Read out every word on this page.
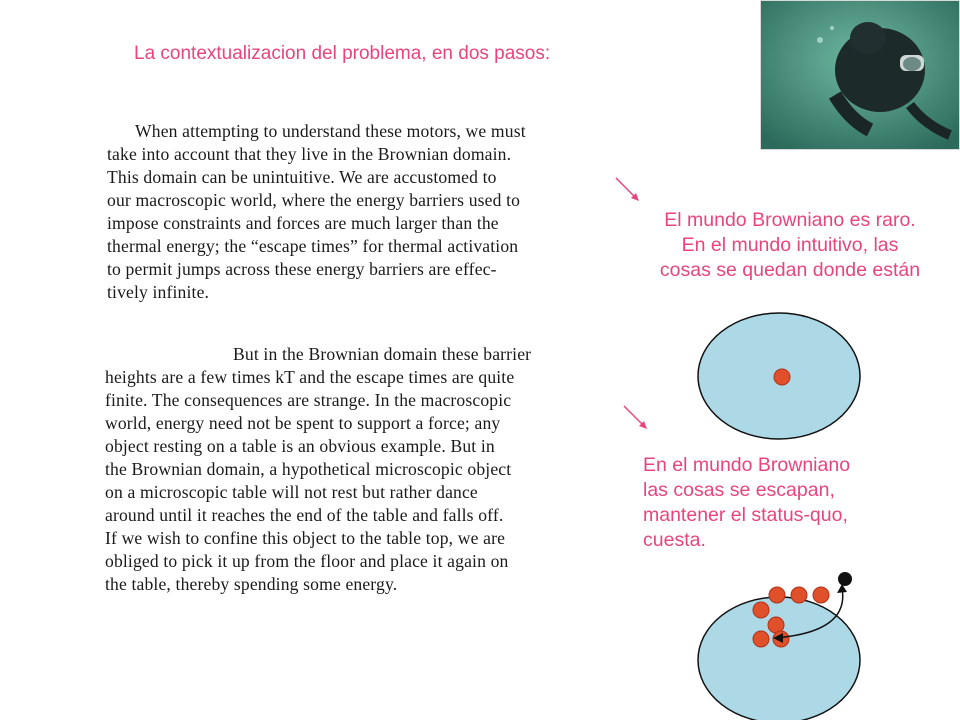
La contextualizacion del problema, en dos pasos:
When attempting to understand these motors, we must
take into account that they live in the Brownian domain.
This domain can be unintuitive. We are accustomed to
our macroscopic world, where the energy barriers used to
impose constraints and forces are much larger than the
thermal energy; the “escape times” for thermal activation
to permit jumps across these energy barriers are effec-
tively infinite.
But in the Brownian domain these barrier
heights are a few times kT and the escape times are quite
finite. The consequences are strange. In the macroscopic
world, energy need not be spent to support a force; any
object resting on a table is an obvious example. But in
the Brownian domain, a hypothetical microscopic object
on a microscopic table will not rest but rather dance
around until it reaches the end of the table and falls off.
If we wish to confine this object to the table top, we are
obliged to pick it up from the floor and place it again on
the table, thereby spending some energy.
El mundo Browniano es raro.
En el mundo intuitivo, las
cosas se quedan donde están
En el mundo Browniano
las cosas se escapan,
mantener el status-quo,
cuesta.
